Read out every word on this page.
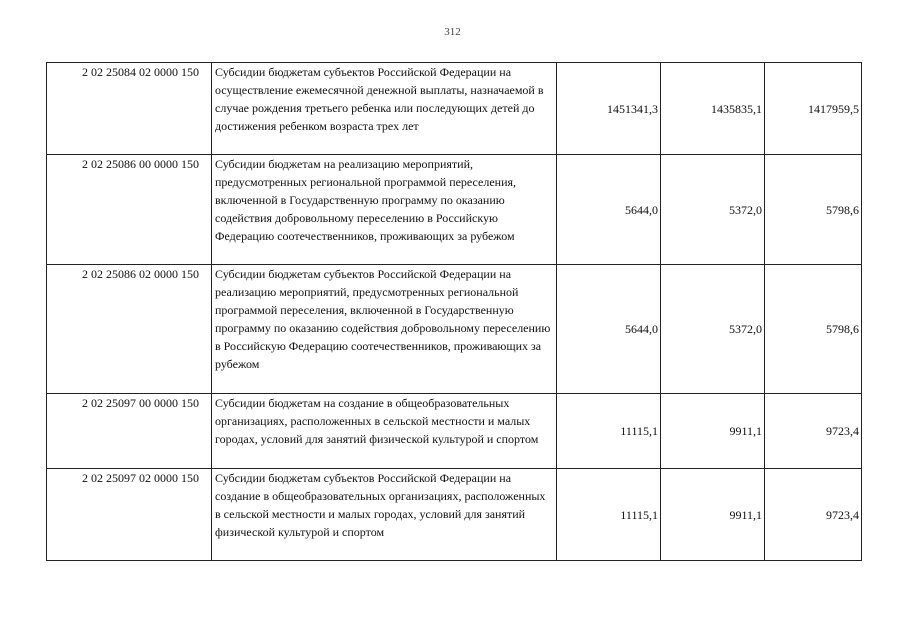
312
2 02 25084 02 0000 150	Субсидии бюджетам субъектов Российской Федерации на осуществление ежемесячной денежной выплаты, назначаемой в случае рождения третьего ребенка или последующих детей до достижения ребенком возраста трех лет	1451341,3	1435835,1	1417959,5
2 02 25086 00 0000 150	Субсидии бюджетам на реализацию мероприятий, предусмотренных региональной программой переселения, включенной в Государственную программу по оказанию содействия добровольному переселению в Российскую Федерацию соотечественников, проживающих за рубежом	5644,0	5372,0	5798,6
2 02 25086 02 0000 150	Субсидии бюджетам субъектов Российской Федерации на реализацию мероприятий, предусмотренных региональной программой переселения, включенной в Государственную программу по оказанию содействия добровольному переселению в Российскую Федерацию соотечественников, проживающих за рубежом	5644,0	5372,0	5798,6
2 02 25097 00 0000 150	Субсидии бюджетам на создание в общеобразовательных организациях, расположенных в сельской местности и малых городах, условий для занятий физической культурой и спортом	11115,1	9911,1	9723,4
2 02 25097 02 0000 150	Субсидии бюджетам субъектов Российской Федерации на создание в общеобразовательных организациях, расположенных в сельской местности и малых городах, условий для занятий физической культурой и спортом	11115,1	9911,1	9723,4
